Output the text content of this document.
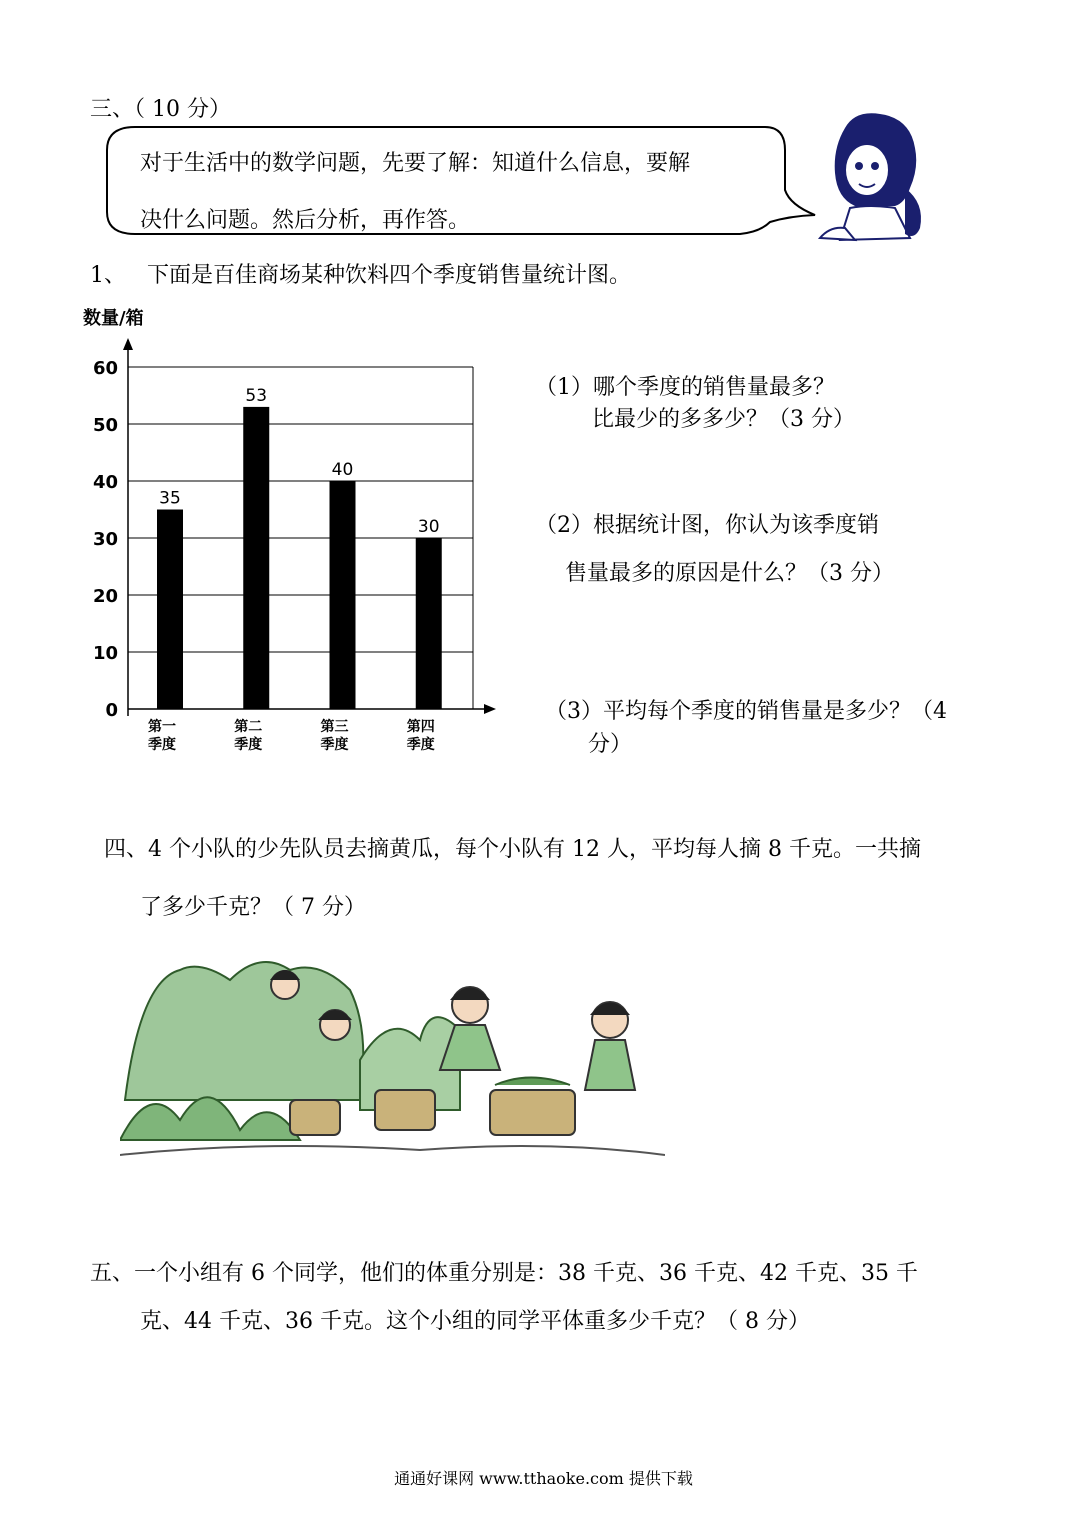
三、（ 10 分）
对于生活中的数学问题，先要了解：知道什么信息，要解
决什么问题。然后分析，再作答。
1、 下面是百佳商场某种饮料四个季度销售量统计图。
数量/箱
0
10
20
30
40
50
60
35
53
40
30
第一
季度
第二
季度
第三
季度
第四
季度
（1）哪个季度的销售量最多？
比最少的多多少？（3 分）
（2）根据统计图，你认为该季度销
售量最多的原因是什么？（3 分）
（3）平均每个季度的销售量是多少？（4
分）
四、4 个小队的少先队员去摘黄瓜，每个小队有 12 人，平均每人摘 8 千克。一共摘
了多少千克？（ 7 分）
五、一个小组有 6 个同学，他们的体重分别是：38 千克、36 千克、42 千克、35 千
克、44 千克、36 千克。这个小组的同学平体重多少千克？（ 8 分）
通通好课网 www.tthaoke.com 提供下载
